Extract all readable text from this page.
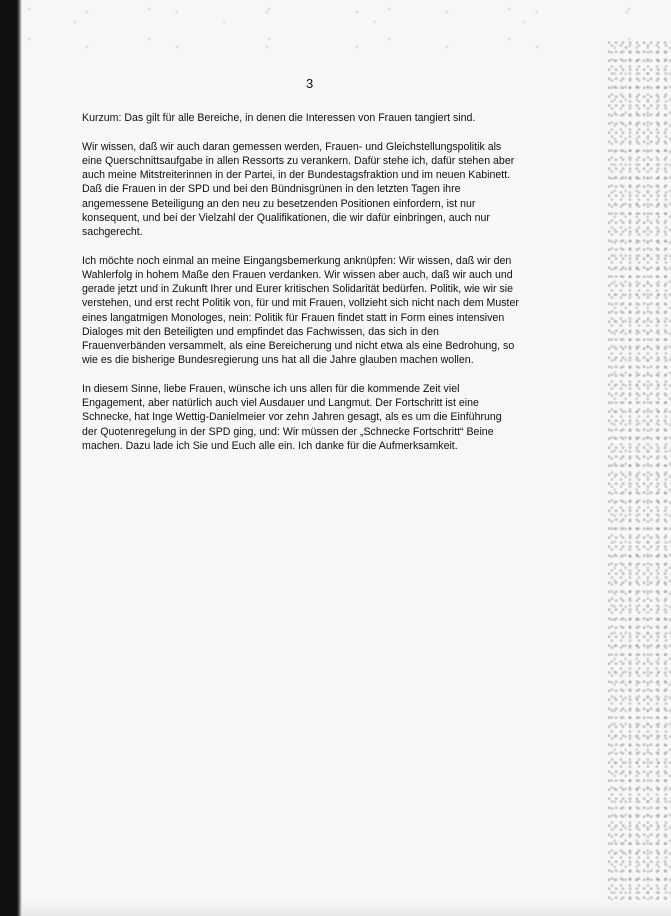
3

Kurzum: Das gilt für alle Bereiche, in denen die Interessen von Frauen tangiert sind.

Wir wissen, daß wir auch daran gemessen werden, Frauen- und Gleichstellungspolitik als
eine Querschnittsaufgabe in allen Ressorts zu verankern. Dafür stehe ich, dafür stehen aber
auch meine Mitstreiterinnen in der Partei, in der Bundestagsfraktion und im neuen Kabinett.
Daß die Frauen in der SPD und bei den Bündnisgrünen in den letzten Tagen ihre
angemessene Beteiligung an den neu zu besetzenden Positionen einfordern, ist nur
konsequent, und bei der Vielzahl der Qualifikationen, die wir dafür einbringen, auch nur
sachgerecht.

Ich möchte noch einmal an meine Eingangsbemerkung anknüpfen: Wir wissen, daß wir den
Wahlerfolg in hohem Maße den Frauen verdanken. Wir wissen aber auch, daß wir auch und
gerade jetzt und in Zukunft Ihrer und Eurer kritischen Solidarität bedürfen. Politik, wie wir sie
verstehen, und erst recht Politik von, für und mit Frauen, vollzieht sich nicht nach dem Muster
eines langatmigen Monologes, nein: Politik für Frauen findet statt in Form eines intensiven
Dialoges mit den Beteiligten und empfindet das Fachwissen, das sich in den
Frauenverbänden versammelt, als eine Bereicherung und nicht etwa als eine Bedrohung, so
wie es die bisherige Bundesregierung uns hat all die Jahre glauben machen wollen.

In diesem Sinne, liebe Frauen, wünsche ich uns allen für die kommende Zeit viel
Engagement, aber natürlich auch viel Ausdauer und Langmut. Der Fortschritt ist eine
Schnecke, hat Inge Wettig-Danielmeier vor zehn Jahren gesagt, als es um die Einführung
der Quotenregelung in der SPD ging, und: Wir müssen der „Schnecke Fortschritt“ Beine
machen. Dazu lade ich Sie und Euch alle ein. Ich danke für die Aufmerksamkeit.
